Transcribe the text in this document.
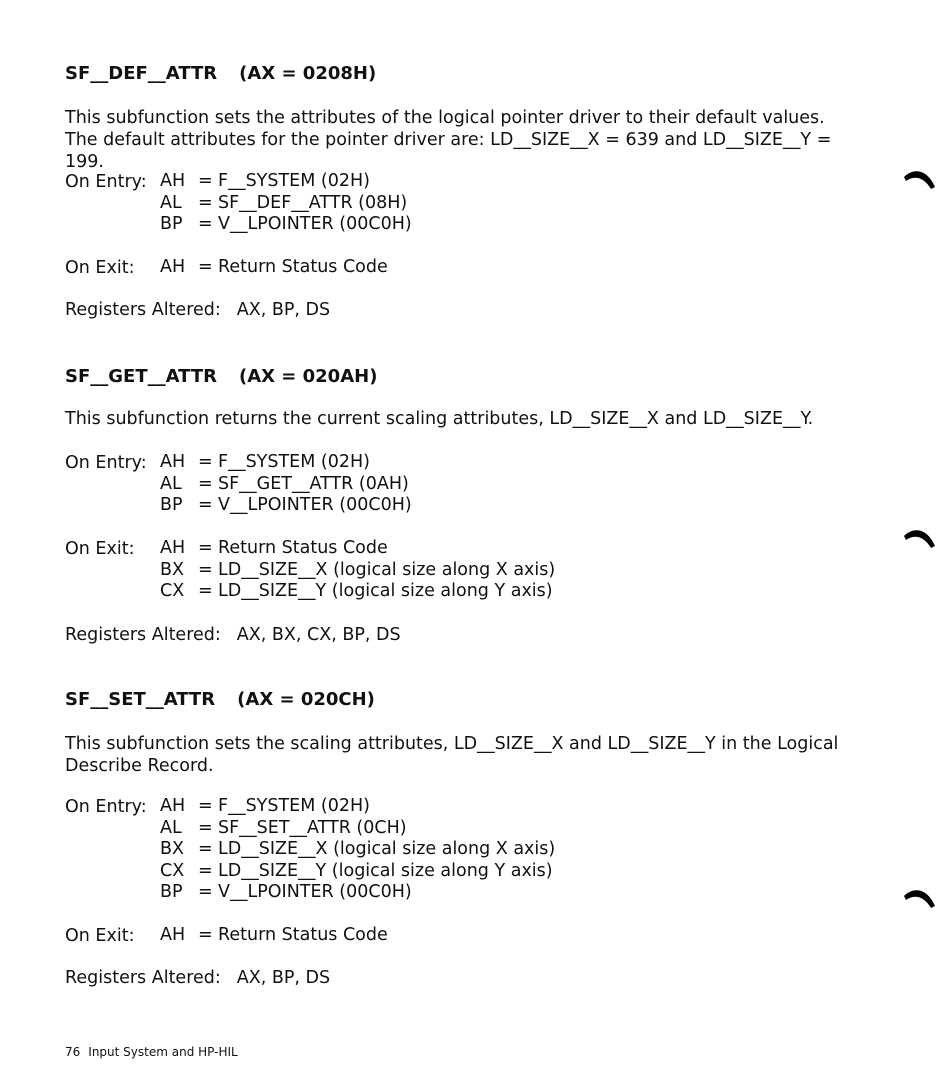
SF__DEF__ATTR (AX = 0208H)
This subfunction sets the attributes of the logical pointer driver to their default values. The default attributes for the pointer driver are: LD__SIZE__X = 639 and LD__SIZE__Y = 199.
On Entry: AH = F__SYSTEM (02H)
AL = SF__DEF__ATTR (08H)
BP = V__LPOINTER (00C0H)
On Exit: AH = Return Status Code
Registers Altered: AX, BP, DS
SF__GET__ATTR (AX = 020AH)
This subfunction returns the current scaling attributes, LD__SIZE__X and LD__SIZE__Y.
On Entry: AH = F__SYSTEM (02H)
AL = SF__GET__ATTR (0AH)
BP = V__LPOINTER (00C0H)
On Exit: AH = Return Status Code
BX = LD__SIZE__X (logical size along X axis)
CX = LD__SIZE__Y (logical size along Y axis)
Registers Altered: AX, BX, CX, BP, DS
SF__SET__ATTR (AX = 020CH)
This subfunction sets the scaling attributes, LD__SIZE__X and LD__SIZE__Y in the Logical Describe Record.
On Entry: AH = F__SYSTEM (02H)
AL = SF__SET__ATTR (0CH)
BX = LD__SIZE__X (logical size along X axis)
CX = LD__SIZE__Y (logical size along Y axis)
BP = V__LPOINTER (00C0H)
On Exit: AH = Return Status Code
Registers Altered: AX, BP, DS
76 Input System and HP-HIL
